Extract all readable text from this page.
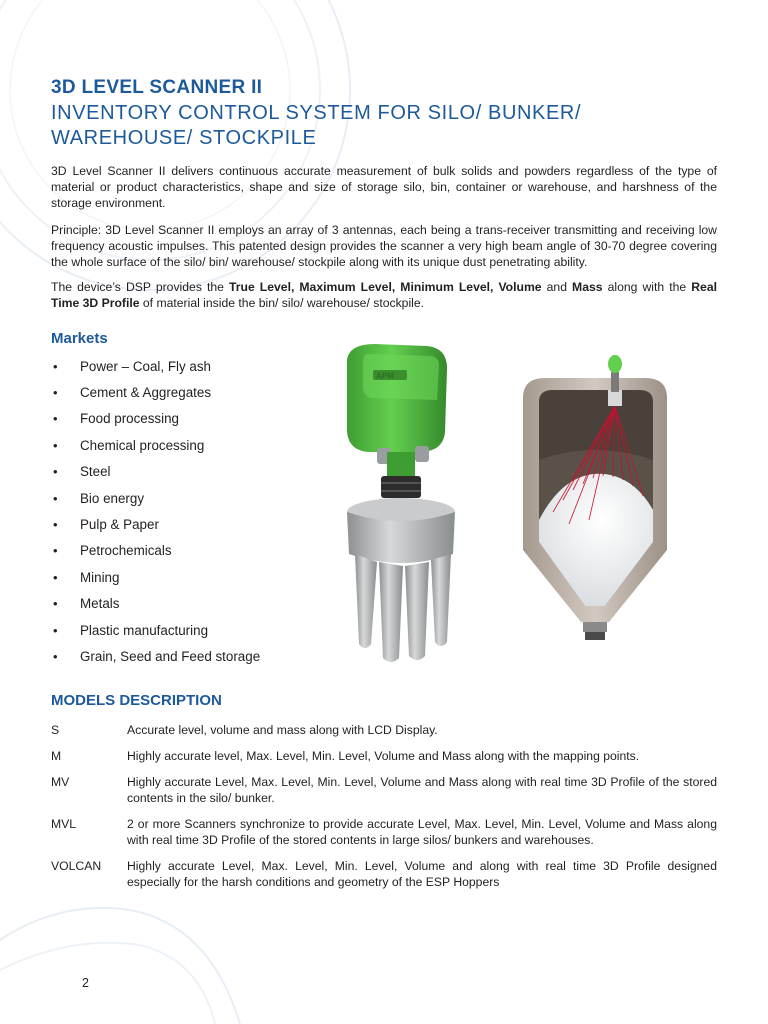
3D LEVEL SCANNER II
INVENTORY CONTROL SYSTEM FOR SILO/ BUNKER/ WAREHOUSE/ STOCKPILE

3D Level Scanner II delivers continuous accurate measurement of bulk solids and powders regardless of the type of material or product characteristics, shape and size of storage silo, bin, container or warehouse, and harshness of the storage environment.

Principle: 3D Level Scanner II employs an array of 3 antennas, each being a trans-receiver transmitting and receiving low frequency acoustic impulses. This patented design provides the scanner a very high beam angle of 30-70 degree covering the whole surface of the silo/ bin/ warehouse/ stockpile along with its unique dust penetrating ability.

The device’s DSP provides the True Level, Maximum Level, Minimum Level, Volume and Mass along with the Real Time 3D Profile of material inside the bin/ silo/ warehouse/ stockpile.

Markets
•	Power – Coal, Fly ash
•	Cement & Aggregates
•	Food processing
•	Chemical processing
•	Steel
•	Bio energy
•	Pulp & Paper
•	Petrochemicals
•	Mining
•	Metals
•	Plastic manufacturing
•	Grain, Seed and Feed storage
APM
MODELS DESCRIPTION
S	Accurate level, volume and mass along with LCD Display.
M	Highly accurate level, Max. Level, Min. Level, Volume and Mass along with the mapping points.
MV	Highly accurate Level, Max. Level, Min. Level, Volume and Mass along with real time 3D Profile of the stored contents in the silo/ bunker.
MVL	2 or more Scanners synchronize to provide accurate Level, Max. Level, Min. Level, Volume and Mass along with real time 3D Profile of the stored contents in large silos/ bunkers and warehouses.
VOLCAN	Highly accurate Level, Max. Level, Min. Level, Volume and along with real time 3D Profile designed especially for the harsh conditions and geometry of the ESP Hoppers
2
